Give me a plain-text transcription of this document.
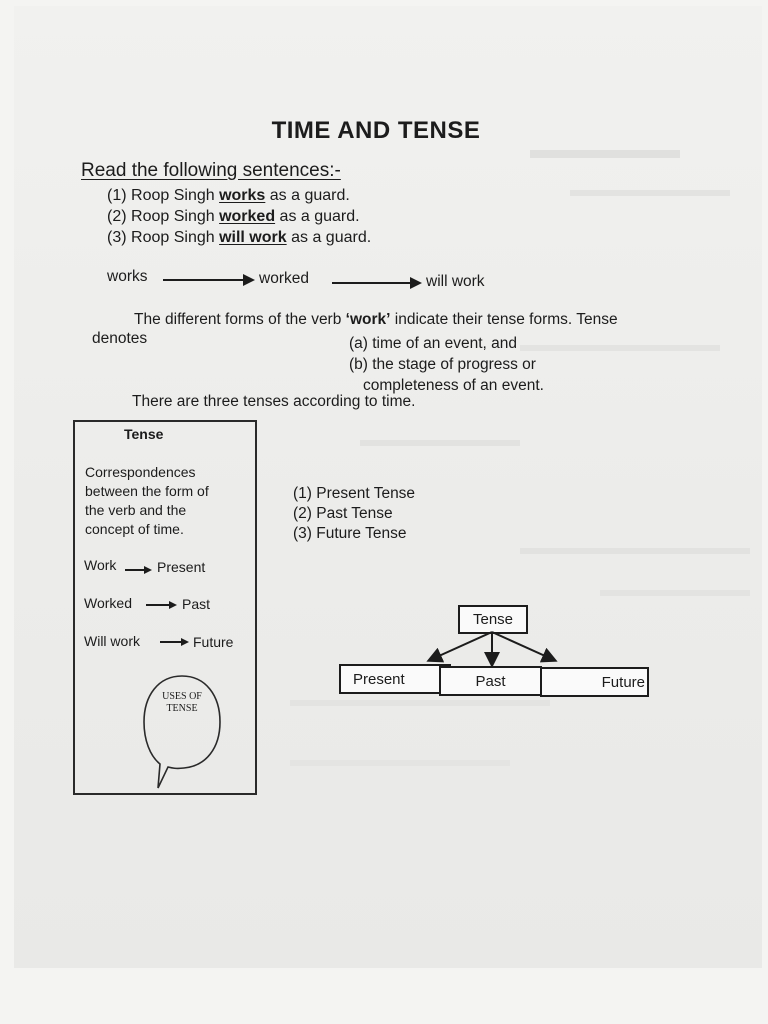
TIME AND TENSE
Read the following sentences:-
(1) Roop Singh works as a guard.
(2) Roop Singh worked as a guard.
(3) Roop Singh will work as a guard.
works	worked	will work
The different forms of the verb ‘work’ indicate their tense forms. Tense
denotes	(a) time of an event, and
(b) the stage of progress or
completeness of an event.
There are three tenses according to time.
Tense
Correspondences
between the form of
the verb and the
concept of time.
Work	Present
Worked	Past
Will work	Future
USES OF
TENSE
(1) Present Tense
(2) Past Tense
(3) Future Tense
Tense
Present	Past	Future
